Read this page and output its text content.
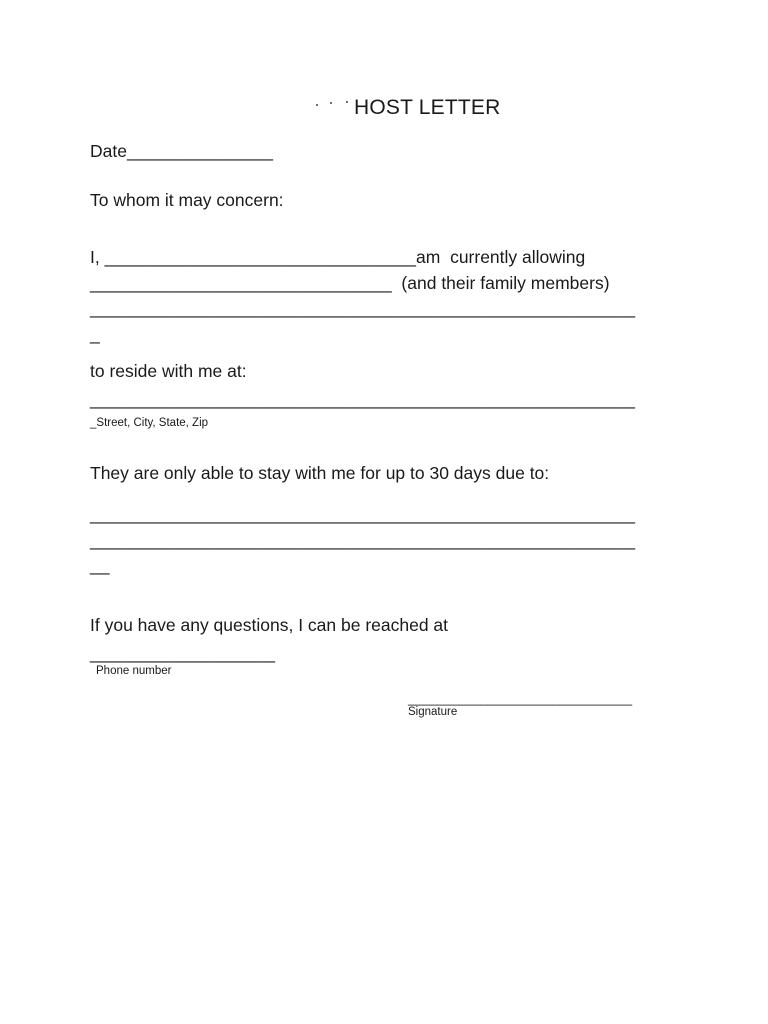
HOST LETTER
Date_______________
To whom it may concern:
I, ________________________________am  currently allowing
_______________________________  (and their family members)
________________________________________________________
_
to reside with me at:
________________________________________________________
_Street, City, State, Zip
They are only able to stay with me for up to 30 days due to:
________________________________________________________
________________________________________________________
__
If you have any questions, I can be reached at
___________________
Phone number
_______________________________
Signature
